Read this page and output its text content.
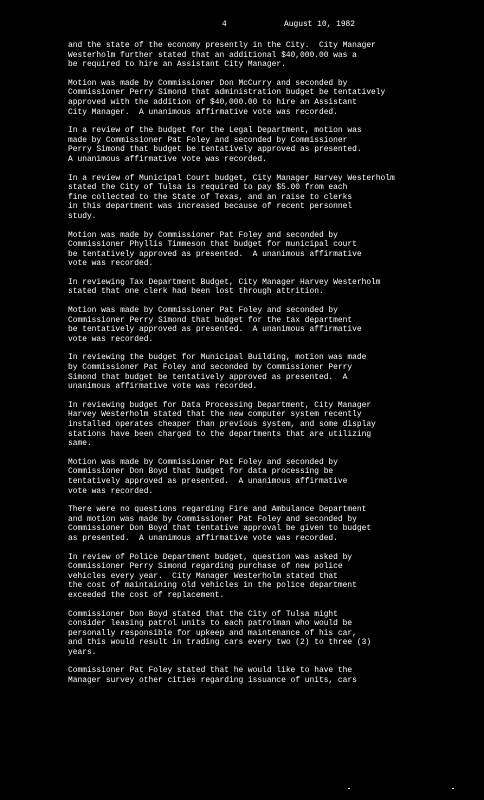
4	August 10, 1982

and the state of the economy presently in the City.  City Manager
Westerholm further stated that an additional $40,000.00 was a
be required to hire an Assistant City Manager.

Motion was made by Commissioner Don McCurry and seconded by
Commissioner Perry Simond that administration budget be tentatively
approved with the addition of $40,000.00 to hire an Assistant
City Manager.  A unanimous affirmative vote was recorded.

In a review of the budget for the Legal Department, motion was
made by Commissioner Pat Foley and seconded by Commissioner
Perry Simond that budget be tentatively approved as presented.
A unanimous affirmative vote was recorded.

In a review of Municipal Court budget, City Manager Harvey Westerholm
stated the City of Tulsa is required to pay $5.00 from each
fine collected to the State of Texas, and an raise to clerks
in this department was increased because of recent personnel
study.

Motion was made by Commissioner Pat Foley and seconded by
Commissioner Phyllis Timmeson that budget for municipal court
be tentatively approved as presented.  A unanimous affirmative
vote was recorded.

In reviewing Tax Department Budget, City Manager Harvey Westerholm
stated that one clerk had been lost through attrition.

Motion was made by Commissioner Pat Foley and seconded by
Commissioner Perry Simond that budget for the tax department
be tentatively approved as presented.  A unanimous affirmative
vote was recorded.

In reviewing the budget for Municipal Building, motion was made
by Commissioner Pat Foley and seconded by Commissioner Perry
Simond that budget be tentatively approved as presented.  A
unanimous affirmative vote was recorded.

In reviewing budget for Data Processing Department, City Manager
Harvey Westerholm stated that the new computer system recently
installed operates cheaper than previous system, and some display
stations have been charged to the departments that are utilizing
same.

Motion was made by Commissioner Pat Foley and seconded by
Commissioner Don Boyd that budget for data processing be
tentatively approved as presented.  A unanimous affirmative
vote was recorded.

There were no questions regarding Fire and Ambulance Department
and motion was made by Commissioner Pat Foley and seconded by
Commissioner Don Boyd that tentative approval be given to budget
as presented.  A unanimous affirmative vote was recorded.

In review of Police Department budget, question was asked by
Commissioner Perry Simond regarding purchase of new police
vehicles every year.  City Manager Westerholm stated that
the cost of maintaining old vehicles in the police department
exceeded the cost of replacement.

Commissioner Don Boyd stated that the City of Tulsa might
consider leasing patrol units to each patrolman who would be
personally responsible for upkeep and maintenance of his car,
and this would result in trading cars every two (2) to three (3)
years.

Commissioner Pat Foley stated that he would like to have the
Manager survey other cities regarding issuance of units, cars
